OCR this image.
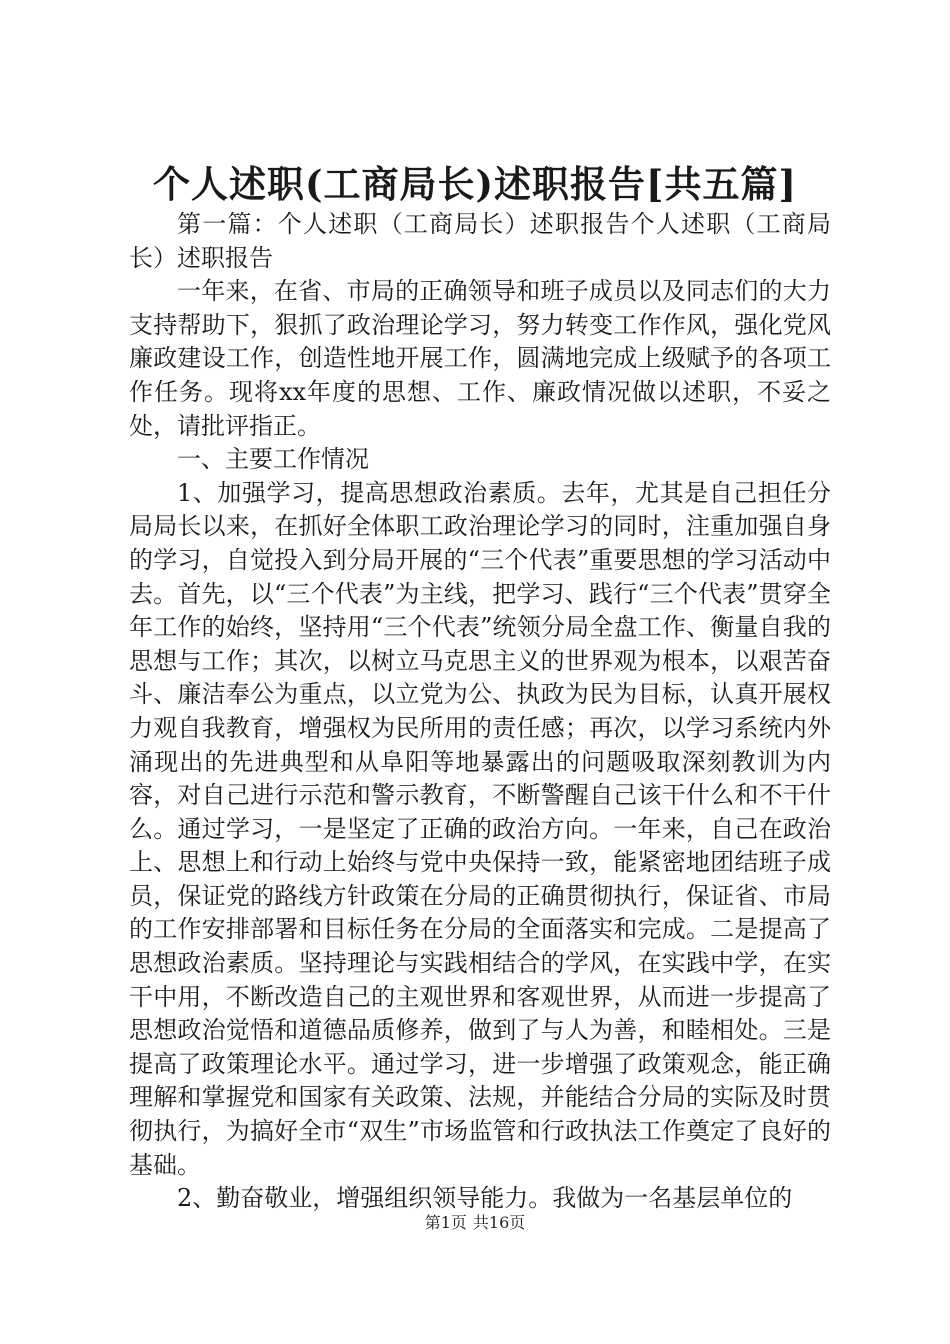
个人述职(工商局长)述职报告[共五篇]

第一篇：个人述职（工商局长）述职报告个人述职（工商局长）述职报告

一年来，在省、市局的正确领导和班子成员以及同志们的大力支持帮助下，狠抓了政治理论学习，努力转变工作作风，强化党风廉政建设工作，创造性地开展工作，圆满地完成上级赋予的各项工作任务。现将xx年度的思想、工作、廉政情况做以述职，不妥之处，请批评指正。

一、主要工作情况

1、加强学习，提高思想政治素质。去年，尤其是自己担任分局局长以来，在抓好全体职工政治理论学习的同时，注重加强自身的学习，自觉投入到分局开展的“三个代表”重要思想的学习活动中去。首先，以“三个代表”为主线，把学习、践行“三个代表”贯穿全年工作的始终，坚持用“三个代表”统领分局全盘工作、衡量自我的思想与工作；其次，以树立马克思主义的世界观为根本，以艰苦奋斗、廉洁奉公为重点，以立党为公、执政为民为目标，认真开展权力观自我教育，增强权为民所用的责任感；再次，以学习系统内外涌现出的先进典型和从阜阳等地暴露出的问题吸取深刻教训为内容，对自己进行示范和警示教育，不断警醒自己该干什么和不干什么。通过学习，一是坚定了正确的政治方向。一年来，自己在政治上、思想上和行动上始终与党中央保持一致，能紧密地团结班子成员，保证党的路线方针政策在分局的正确贯彻执行，保证省、市局的工作安排部署和目标任务在分局的全面落实和完成。二是提高了思想政治素质。坚持理论与实践相结合的学风，在实践中学，在实干中用，不断改造自己的主观世界和客观世界，从而进一步提高了思想政治觉悟和道德品质修养，做到了与人为善，和睦相处。三是提高了政策理论水平。通过学习，进一步增强了政策观念，能正确理解和掌握党和国家有关政策、法规，并能结合分局的实际及时贯彻执行，为搞好全市“双生”市场监管和行政执法工作奠定了良好的基础。

2、勤奋敬业，增强组织领导能力。我做为一名基层单位的

第1页 共16页
